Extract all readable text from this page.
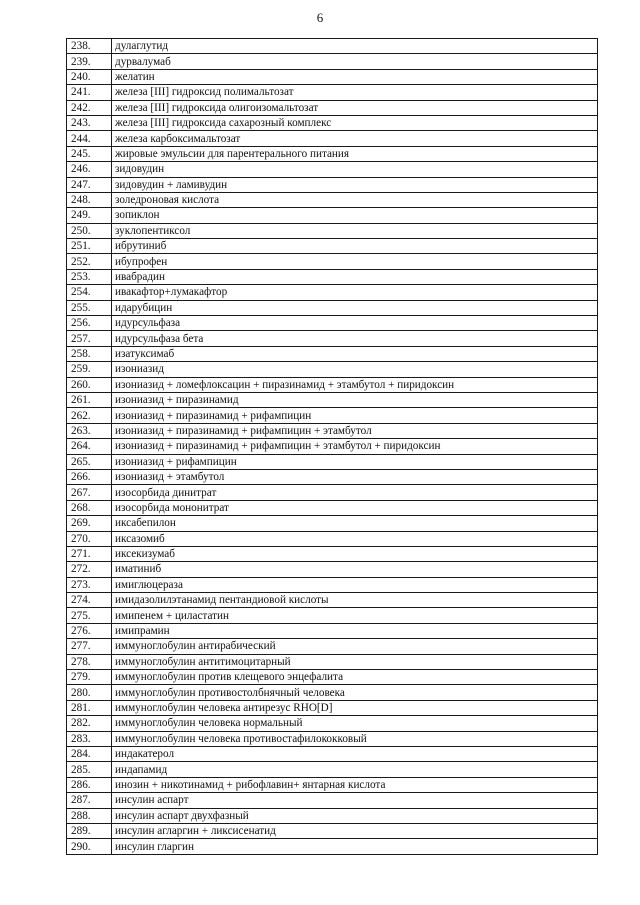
6
238.	дулаглутид
239.	дурвалумаб
240.	желатин
241.	железа [III] гидроксид полимальтозат
242.	железа [III] гидроксида олигоизомальтозат
243.	железа [III] гидроксида сахарозный комплекс
244.	железа карбоксимальтозат
245.	жировые эмульсии для парентерального питания
246.	зидовудин
247.	зидовудин + ламивудин
248.	золедроновая кислота
249.	зопиклон
250.	зуклопентиксол
251.	ибрутиниб
252.	ибупрофен
253.	ивабрадин
254.	ивакафтор+лумакафтор
255.	идарубицин
256.	идурсульфаза
257.	идурсульфаза бета
258.	изатуксимаб
259.	изониазид
260.	изониазид + ломефлоксацин + пиразинамид + этамбутол + пиридоксин
261.	изониазид + пиразинамид
262.	изониазид + пиразинамид + рифампицин
263.	изониазид + пиразинамид + рифампицин + этамбутол
264.	изониазид + пиразинамид + рифампицин + этамбутол + пиридоксин
265.	изониазид + рифампицин
266.	изониазид + этамбутол
267.	изосорбида динитрат
268.	изосорбида мононитрат
269.	иксабепилон
270.	иксазомиб
271.	иксекизумаб
272.	иматиниб
273.	имиглюцераза
274.	имидазолилэтанамид пентандиовой кислоты
275.	имипенем + циластатин
276.	имипрамин
277.	иммуноглобулин антирабический
278.	иммуноглобулин антитимоцитарный
279.	иммуноглобулин против клещевого энцефалита
280.	иммуноглобулин противостолбнячный человека
281.	иммуноглобулин человека антирезус RHO[D]
282.	иммуноглобулин человека нормальный
283.	иммуноглобулин человека противостафилококковый
284.	индакатерол
285.	индапамид
286.	инозин + никотинамид + рибофлавин+ янтарная кислота
287.	инсулин аспарт
288.	инсулин аспарт двухфазный
289.	инсулин агларгин + ликсисенатид
290.	инсулин гларгин
